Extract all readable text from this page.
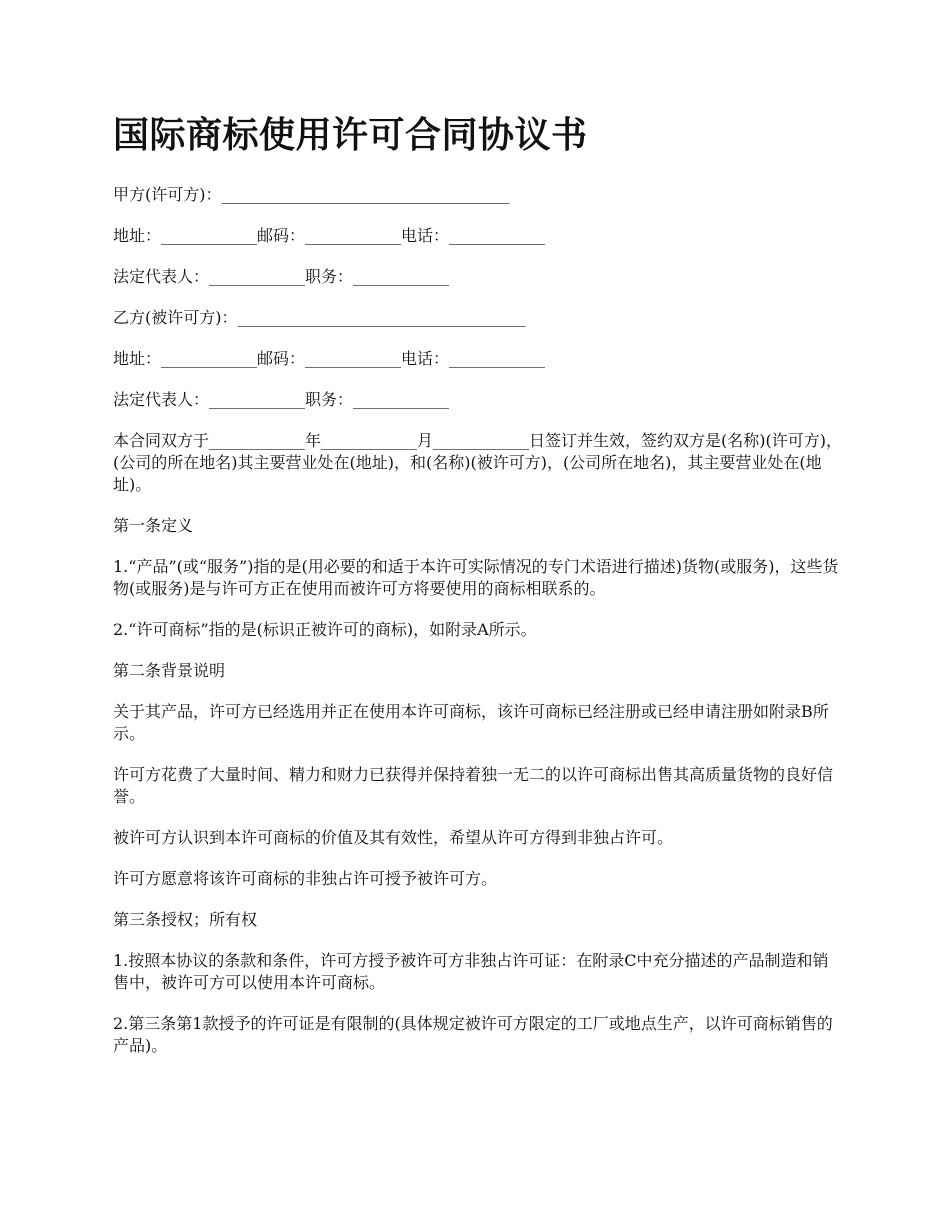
国际商标使用许可合同协议书

甲方(许可方)：____________________________________

地址：____________邮码：____________电话：____________

法定代表人：____________职务：____________

乙方(被许可方)：____________________________________

地址：____________邮码：____________电话：____________

法定代表人：____________职务：____________

本合同双方于____________年____________月____________日签订并生效，签约双方是(名称)(许可方)，(公司的所在地名)其主要营业处在(地址)，和(名称)(被许可方)，(公司所在地名)，其主要营业处在(地址)。

第一条定义

1.“产品”(或“服务”)指的是(用必要的和适于本许可实际情况的专门术语进行描述)货物(或服务)，这些货物(或服务)是与许可方正在使用而被许可方将要使用的商标相联系的。

2.“许可商标”指的是(标识正被许可的商标)，如附录A所示。

第二条背景说明

关于其产品，许可方已经选用并正在使用本许可商标，该许可商标已经注册或已经申请注册如附录B所示。

许可方花费了大量时间、精力和财力已获得并保持着独一无二的以许可商标出售其高质量货物的良好信誉。

被许可方认识到本许可商标的价值及其有效性，希望从许可方得到非独占许可。

许可方愿意将该许可商标的非独占许可授予被许可方。

第三条授权；所有权

1.按照本协议的条款和条件，许可方授予被许可方非独占许可证：在附录C中充分描述的产品制造和销售中，被许可方可以使用本许可商标。

2.第三条第1款授予的许可证是有限制的(具体规定被许可方限定的工厂或地点生产，以许可商标销售的产品)。
